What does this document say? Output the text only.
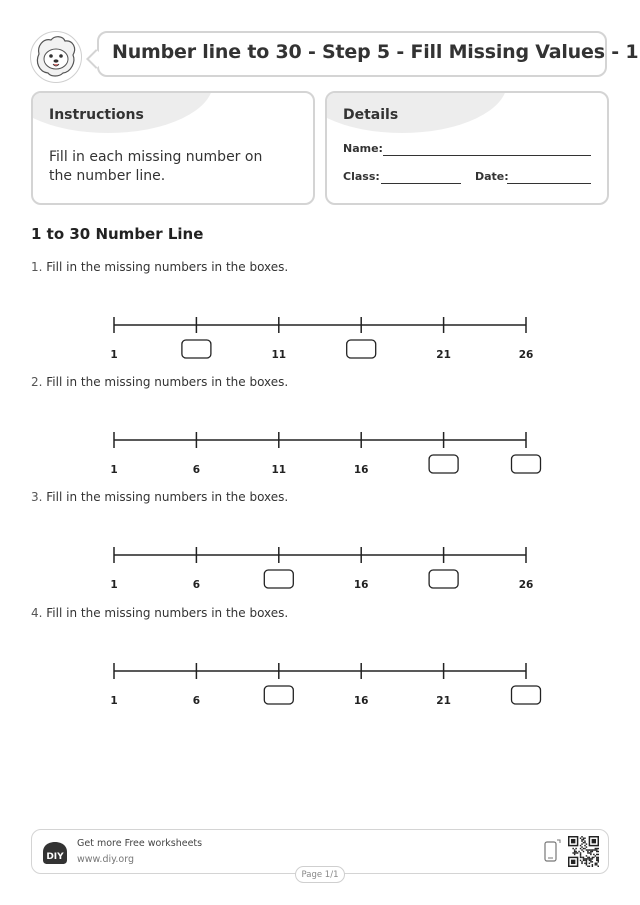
Number line to 30 - Step 5 - Fill Missing Values - 1
Instructions
Fill in each missing number on the number line.
Details
Name:
Class:	Date:
1 to 30 Number Line
1. Fill in the missing numbers in the boxes.
2. Fill in the missing numbers in the boxes.
3. Fill in the missing numbers in the boxes.
4. Fill in the missing numbers in the boxes.
1	11	21	26
1	6	11	16
1	6	16	26
1	6	16	21
DIY
Get more Free worksheets
www.diy.org
Page 1/1
